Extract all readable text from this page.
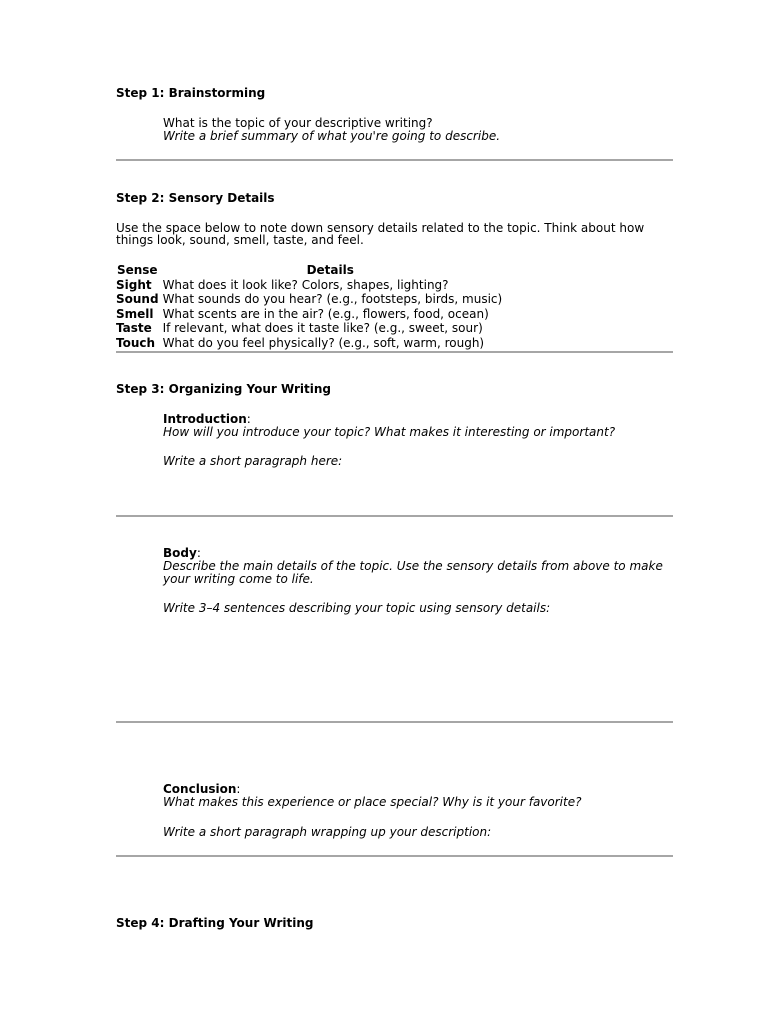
Step 1: Brainstorming
What is the topic of your descriptive writing?
Write a brief summary of what you're going to describe.
Step 2: Sensory Details
Use the space below to note down sensory details related to the topic. Think about how
things look, sound, smell, taste, and feel.
Sense	Details
Sight	What does it look like? Colors, shapes, lighting?
Sound	What sounds do you hear? (e.g., footsteps, birds, music)
Smell	What scents are in the air? (e.g., flowers, food, ocean)
Taste	If relevant, what does it taste like? (e.g., sweet, sour)
Touch	What do you feel physically? (e.g., soft, warm, rough)
Step 3: Organizing Your Writing
Introduction:
How will you introduce your topic? What makes it interesting or important?
Write a short paragraph here:
Body:
Describe the main details of the topic. Use the sensory details from above to make
your writing come to life.
Write 3–4 sentences describing your topic using sensory details:
Conclusion:
What makes this experience or place special? Why is it your favorite?
Write a short paragraph wrapping up your description:
Step 4: Drafting Your Writing
